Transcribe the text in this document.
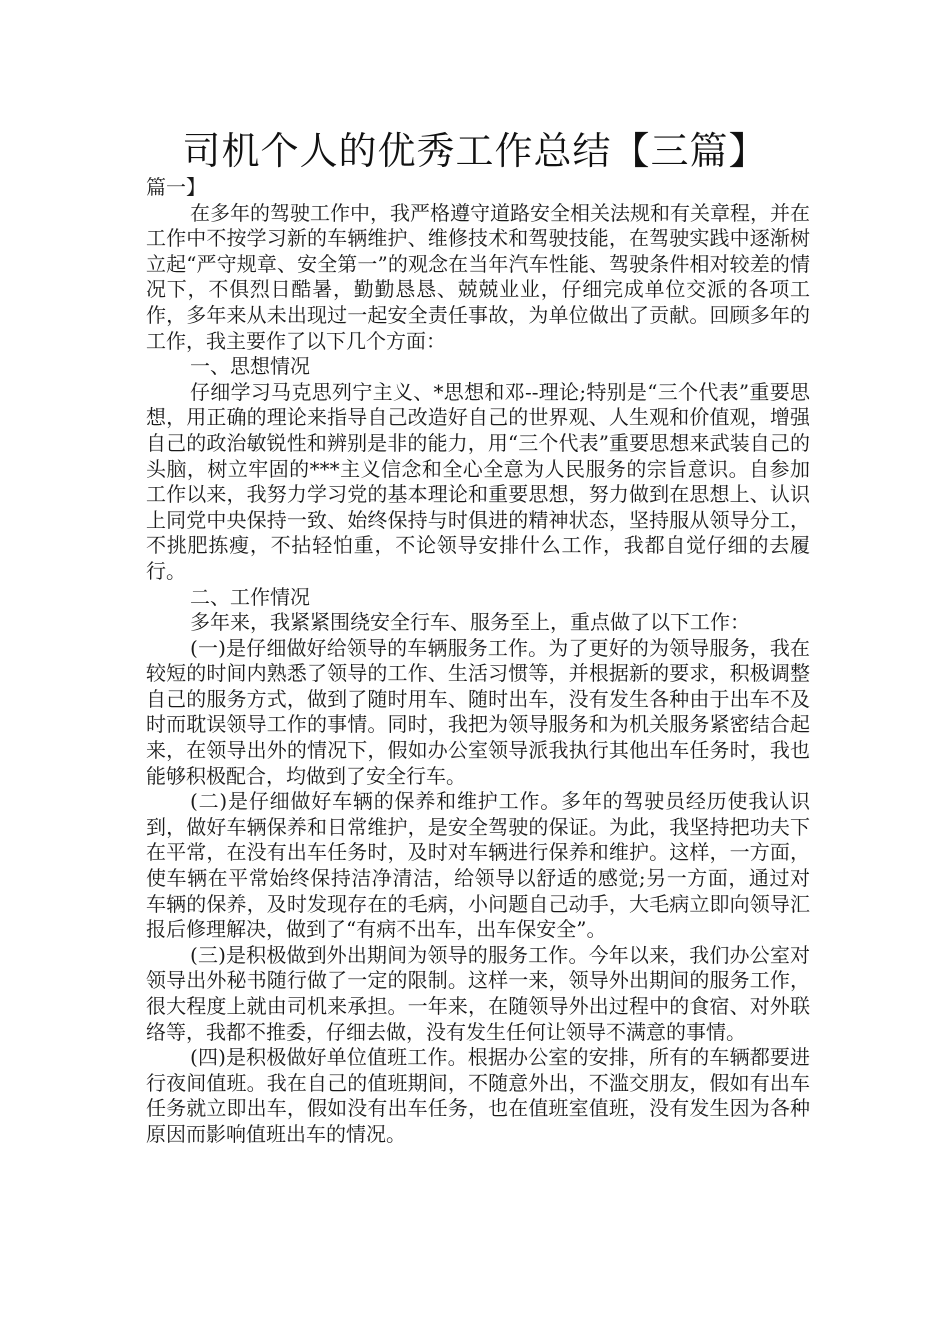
司机个人的优秀工作总结【三篇】

篇一】

在多年的驾驶工作中，我严格遵守道路安全相关法规和有关章程，并在工作中不按学习新的车辆维护、维修技术和驾驶技能，在驾驶实践中逐渐树立起“严守规章、安全第一”的观念在当年汽车性能、驾驶条件相对较差的情况下，不俱烈日酷暑，勤勤恳恳、兢兢业业，仔细完成单位交派的各项工作，多年来从未出现过一起安全责任事故，为单位做出了贡献。回顾多年的工作，我主要作了以下几个方面：

一、思想情况

仔细学习马克思列宁主义、*思想和邓--理论;特别是“三个代表”重要思想，用正确的理论来指导自己改造好自己的世界观、人生观和价值观，增强自己的政治敏锐性和辨别是非的能力，用“三个代表”重要思想来武装自己的头脑，树立牢固的***主义信念和全心全意为人民服务的宗旨意识。自参加工作以来，我努力学习党的基本理论和重要思想，努力做到在思想上、认识上同党中央保持一致、始终保持与时俱进的精神状态，坚持服从领导分工，不挑肥拣瘦，不拈轻怕重，不论领导安排什么工作，我都自觉仔细的去履行。

二、工作情况

多年来，我紧紧围绕安全行车、服务至上，重点做了以下工作：

(一)是仔细做好给领导的车辆服务工作。为了更好的为领导服务，我在较短的时间内熟悉了领导的工作、生活习惯等，并根据新的要求，积极调整自己的服务方式，做到了随时用车、随时出车，没有发生各种由于出车不及时而耽误领导工作的事情。同时，我把为领导服务和为机关服务紧密结合起来，在领导出外的情况下，假如办公室领导派我执行其他出车任务时，我也能够积极配合，均做到了安全行车。

(二)是仔细做好车辆的保养和维护工作。多年的驾驶员经历使我认识到，做好车辆保养和日常维护，是安全驾驶的保证。为此，我坚持把功夫下在平常，在没有出车任务时，及时对车辆进行保养和维护。这样，一方面，使车辆在平常始终保持洁净清洁，给领导以舒适的感觉;另一方面，通过对车辆的保养，及时发现存在的毛病，小问题自己动手，大毛病立即向领导汇报后修理解决，做到了“有病不出车，出车保安全”。

(三)是积极做到外出期间为领导的服务工作。今年以来，我们办公室对领导出外秘书随行做了一定的限制。这样一来，领导外出期间的服务工作，很大程度上就由司机来承担。一年来，在随领导外出过程中的食宿、对外联络等，我都不推委，仔细去做，没有发生任何让领导不满意的事情。

(四)是积极做好单位值班工作。根据办公室的安排，所有的车辆都要进行夜间值班。我在自己的值班期间，不随意外出，不滥交朋友，假如有出车任务就立即出车，假如没有出车任务，也在值班室值班，没有发生因为各种原因而影响值班出车的情况。
